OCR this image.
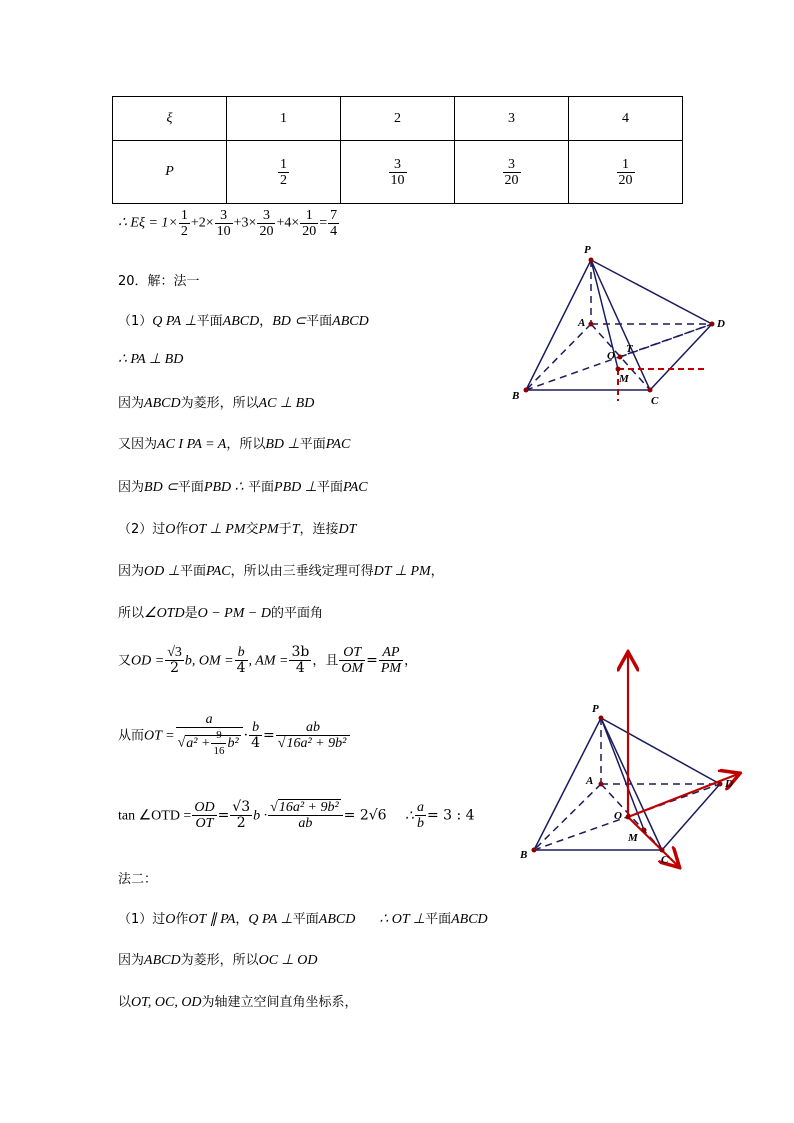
ξ	1	2	3	4
P	$\frac{1}{2}$	$\frac{3}{10}$	$\frac{3}{20}$	$\frac{1}{20}$
∴ $E\xi = 1\times \frac{1}{2} +2\times \frac{3}{10} +3\times \frac{3}{20} +4\times \frac{1}{20} = \frac{7}{4}$
20．解：法一
（1）Q PA ⊥平面ABCD，BD ⊂平面ABCD
∴ PA ⊥ BD
因为ABCD为菱形，所以AC ⊥ BD
又因为AC I PA = A，所以BD ⊥平面PAC
因为BD ⊂平面PBD ∴ 平面PBD ⊥平面PAC
（2）过O作OT ⊥ PM交PM于T，连接DT
因为OD ⊥平面PAC，所以由三垂线定理可得DT ⊥ PM，
所以∠OTD是O − PM − D的平面角
又OD = $\frac{√3}{2} b$, OM = $\frac{b}{4}$ , AM = $\frac{3b}{4}$ ，且 $\frac{OT}{OM} = \frac{AP}{PM}$ ，
从而OT = $\frac{a}{√a^2 + \frac{9}{16} b^2} \cdot \frac{b}{4} = \frac{ab}{\text{√16a² + 9b²}}$
tan ∠OTD = $\frac{OD}{OT} = \frac{√3}{2}$ $b \cdot \frac{\text{√16a² + 9b²}}{ab} = 2√6$ ∴ $\frac{a}{b} = 3$ : 4
法二：
（1）过O作OT ∥ PA，Q PA ⊥平面ABCD ∴ OT ⊥平面ABCD
因为ABCD为菱形，所以OC ⊥ OD
以OT, OC, OD为轴建立空间直角坐标系，
P
A	D
O
T
M
B	C
P
A	D
O
M
B	C
